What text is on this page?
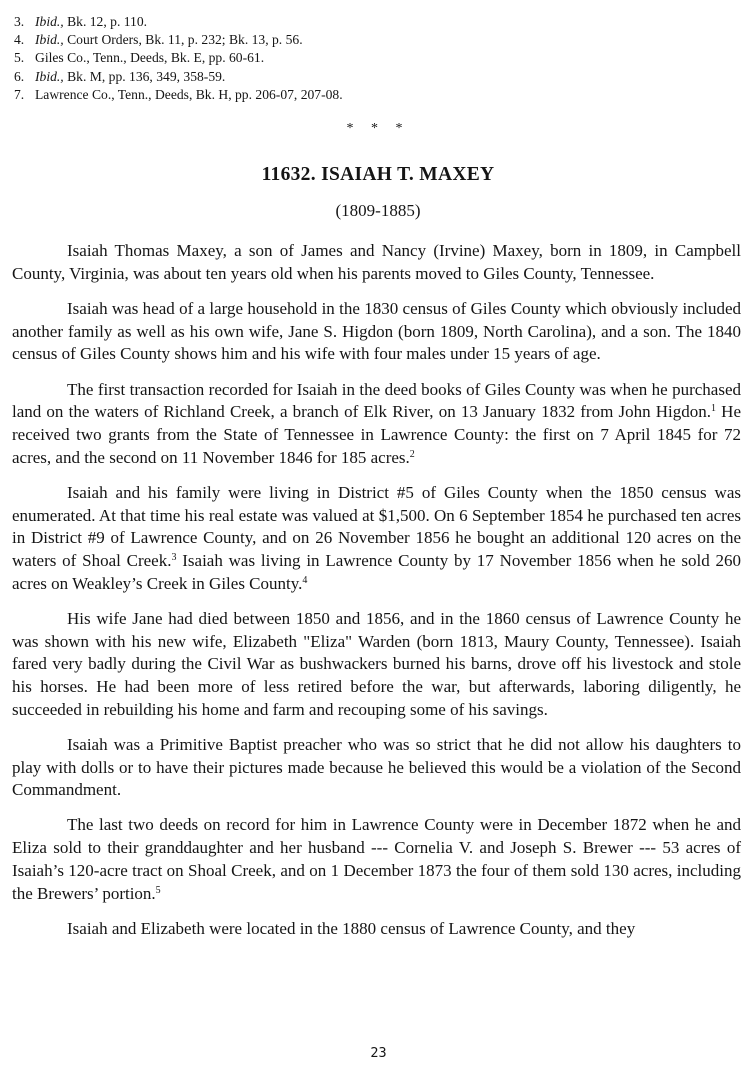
3. Ibid., Bk. 12, p. 110.
4. Ibid., Court Orders, Bk. 11, p. 232; Bk. 13, p. 56.
5. Giles Co., Tenn., Deeds, Bk. E, pp. 60-61.
6. Ibid., Bk. M, pp. 136, 349, 358-59.
7. Lawrence Co., Tenn., Deeds, Bk. H, pp. 206-07, 207-08.
* * *
11632. ISAIAH T. MAXEY
(1809-1885)

Isaiah Thomas Maxey, a son of James and Nancy (Irvine) Maxey, born in 1809, in Campbell County, Virginia, was about ten years old when his parents moved to Giles County, Tennessee.

Isaiah was head of a large household in the 1830 census of Giles County which obviously included another family as well as his own wife, Jane S. Higdon (born 1809, North Carolina), and a son. The 1840 census of Giles County shows him and his wife with four males under 15 years of age.

The first transaction recorded for Isaiah in the deed books of Giles County was when he purchased land on the waters of Richland Creek, a branch of Elk River, on 13 January 1832 from John Higdon.$^1$ He received two grants from the State of Tennessee in Lawrence County: the first on 7 April 1845 for 72 acres, and the second on 11 November 1846 for 185 acres.$^2$

Isaiah and his family were living in District #5 of Giles County when the 1850 census was enumerated. At that time his real estate was valued at $1,500. On 6 September 1854 he purchased ten acres in District #9 of Lawrence County, and on 26 November 1856 he bought an additional 120 acres on the waters of Shoal Creek.$^3$ Isaiah was living in Lawrence County by 17 November 1856 when he sold 260 acres on Weakley’s Creek in Giles County.$^4$

His wife Jane had died between 1850 and 1856, and in the 1860 census of Lawrence County he was shown with his new wife, Elizabeth "Eliza" Warden (born 1813, Maury County, Tennessee). Isaiah fared very badly during the Civil War as bushwackers burned his barns, drove off his livestock and stole his horses. He had been more of less retired before the war, but afterwards, laboring diligently, he succeeded in rebuilding his home and farm and recouping some of his savings.

Isaiah was a Primitive Baptist preacher who was so strict that he did not allow his daughters to play with dolls or to have their pictures made because he believed this would be a violation of the Second Commandment.

The last two deeds on record for him in Lawrence County were in December 1872 when he and Eliza sold to their granddaughter and her husband --- Cornelia V. and Joseph S. Brewer --- 53 acres of Isaiah’s 120-acre tract on Shoal Creek, and on 1 December 1873 the four of them sold 130 acres, including the Brewers’ portion.$^5$

Isaiah and Elizabeth were located in the 1880 census of Lawrence County, and they

23
